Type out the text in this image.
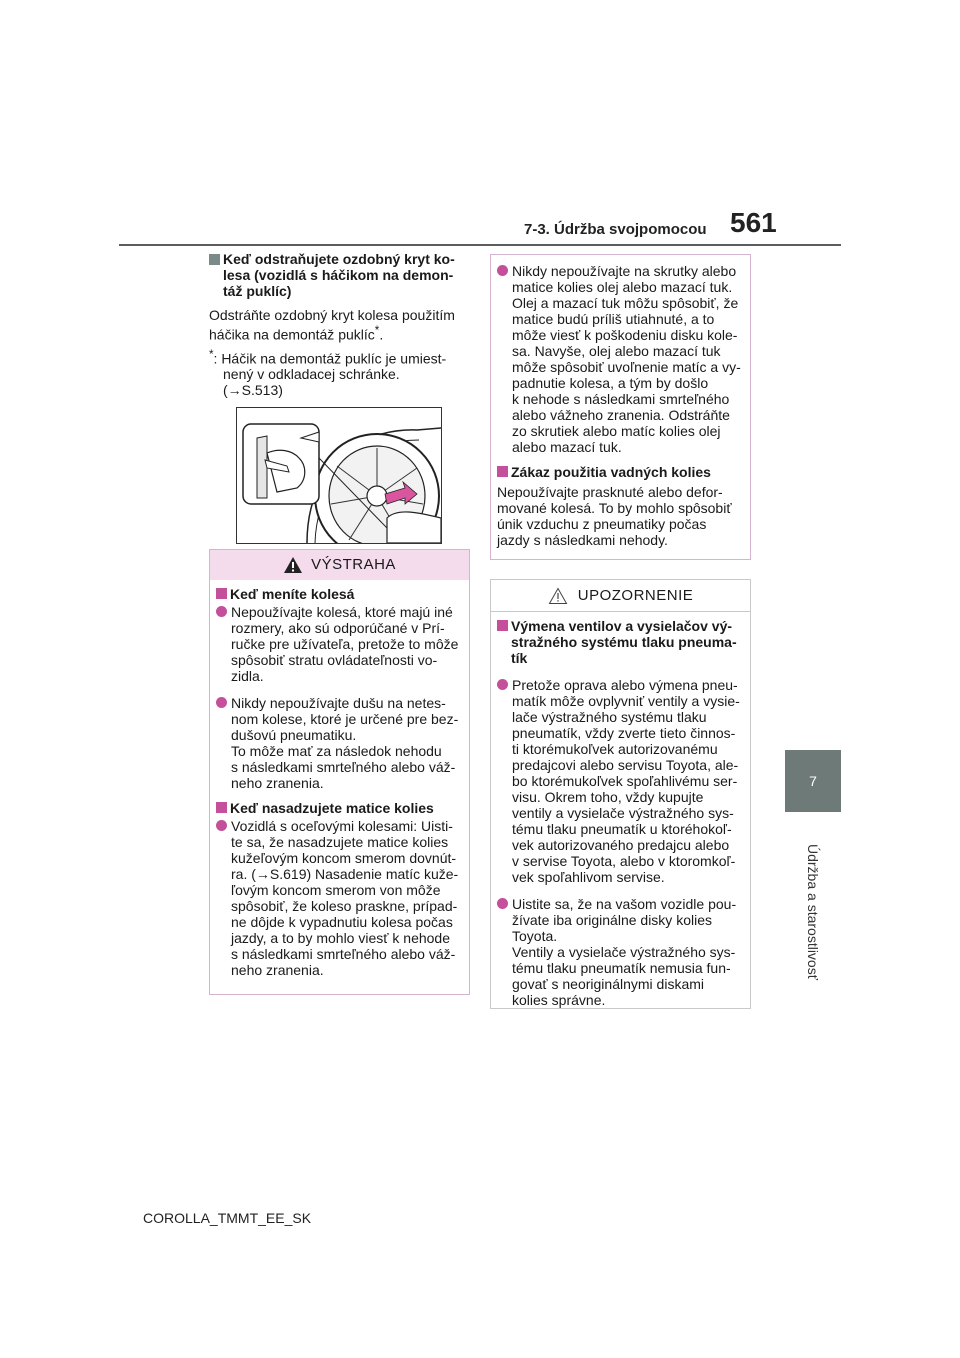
7-3. Údržba svojpomocou 561
7
Údržba a starostlivosť
Keď odstraňujete ozdobný kryt ko-
lesa (vozidlá s háčikom na demon-
táž puklíc)

Odstráňte ozdobný kryt kolesa použitím
háčika na demontáž puklíc*.

*: Háčik na demontáž puklíc je umiest-
nený v odkladacej schránke.
(→S.513)
VÝSTRAHA
Keď meníte kolesá
Nepoužívajte kolesá, ktoré majú iné
rozmery, ako sú odporúčané v Prí-
ručke pre užívateľa, pretože to môže
spôsobiť stratu ovládateľnosti vo-
zidla.
Nikdy nepoužívajte dušu na netes-
nom kolese, ktoré je určené pre bez-
dušovú pneumatiku.
To môže mať za následok nehodu
s následkami smrteľného alebo váž-
neho zranenia.
Keď nasadzujete matice kolies
Vozidlá s oceľovými kolesami: Uisti-
te sa, že nasadzujete matice kolies
kužeľovým koncom smerom dovnút-
ra. (→S.619) Nasadenie matíc kuže-
ľovým koncom smerom von môže
spôsobiť, že koleso praskne, prípad-
ne dôjde k vypadnutiu kolesa počas
jazdy, a to by mohlo viesť k nehode
s následkami smrteľného alebo váž-
neho zranenia.
Nikdy nepoužívajte na skrutky alebo
matice kolies olej alebo mazací tuk.
Olej a mazací tuk môžu spôsobiť, že
matice budú príliš utiahnuté, a to
môže viesť k poškodeniu disku kole-
sa. Navyše, olej alebo mazací tuk
môže spôsobiť uvoľnenie matíc a vy-
padnutie kolesa, a tým by došlo
k nehode s následkami smrteľného
alebo vážneho zranenia. Odstráňte
zo skrutiek alebo matíc kolies olej
alebo mazací tuk.
Zákaz použitia vadných kolies
Nepoužívajte prasknuté alebo defor-
mované kolesá. To by mohlo spôsobiť
únik vzduchu z pneumatiky počas
jazdy s následkami nehody.
UPOZORNENIE
Výmena ventilov a vysielačov vý-
stražného systému tlaku pneuma-
tík
Pretože oprava alebo výmena pneu-
matík môže ovplyvniť ventily a vysie-
lače výstražného systému tlaku
pneumatík, vždy zverte tieto činnos-
ti ktorémukoľvek autorizovanému
predajcovi alebo servisu Toyota, ale-
bo ktorémukoľvek spoľahlivému ser-
visu. Okrem toho, vždy kupujte
ventily a vysielače výstražného sys-
tému tlaku pneumatík u ktoréhokoľ-
vek autorizovaného predajcu alebo
v servise Toyota, alebo v ktoromkoľ-
vek spoľahlivom servise.
Uistite sa, že na vašom vozidle pou-
žívate iba originálne disky kolies
Toyota.
Ventily a vysielače výstražného sys-
tému tlaku pneumatík nemusia fun-
govať s neoriginálnymi diskami
kolies správne.
COROLLA_TMMT_EE_SK
